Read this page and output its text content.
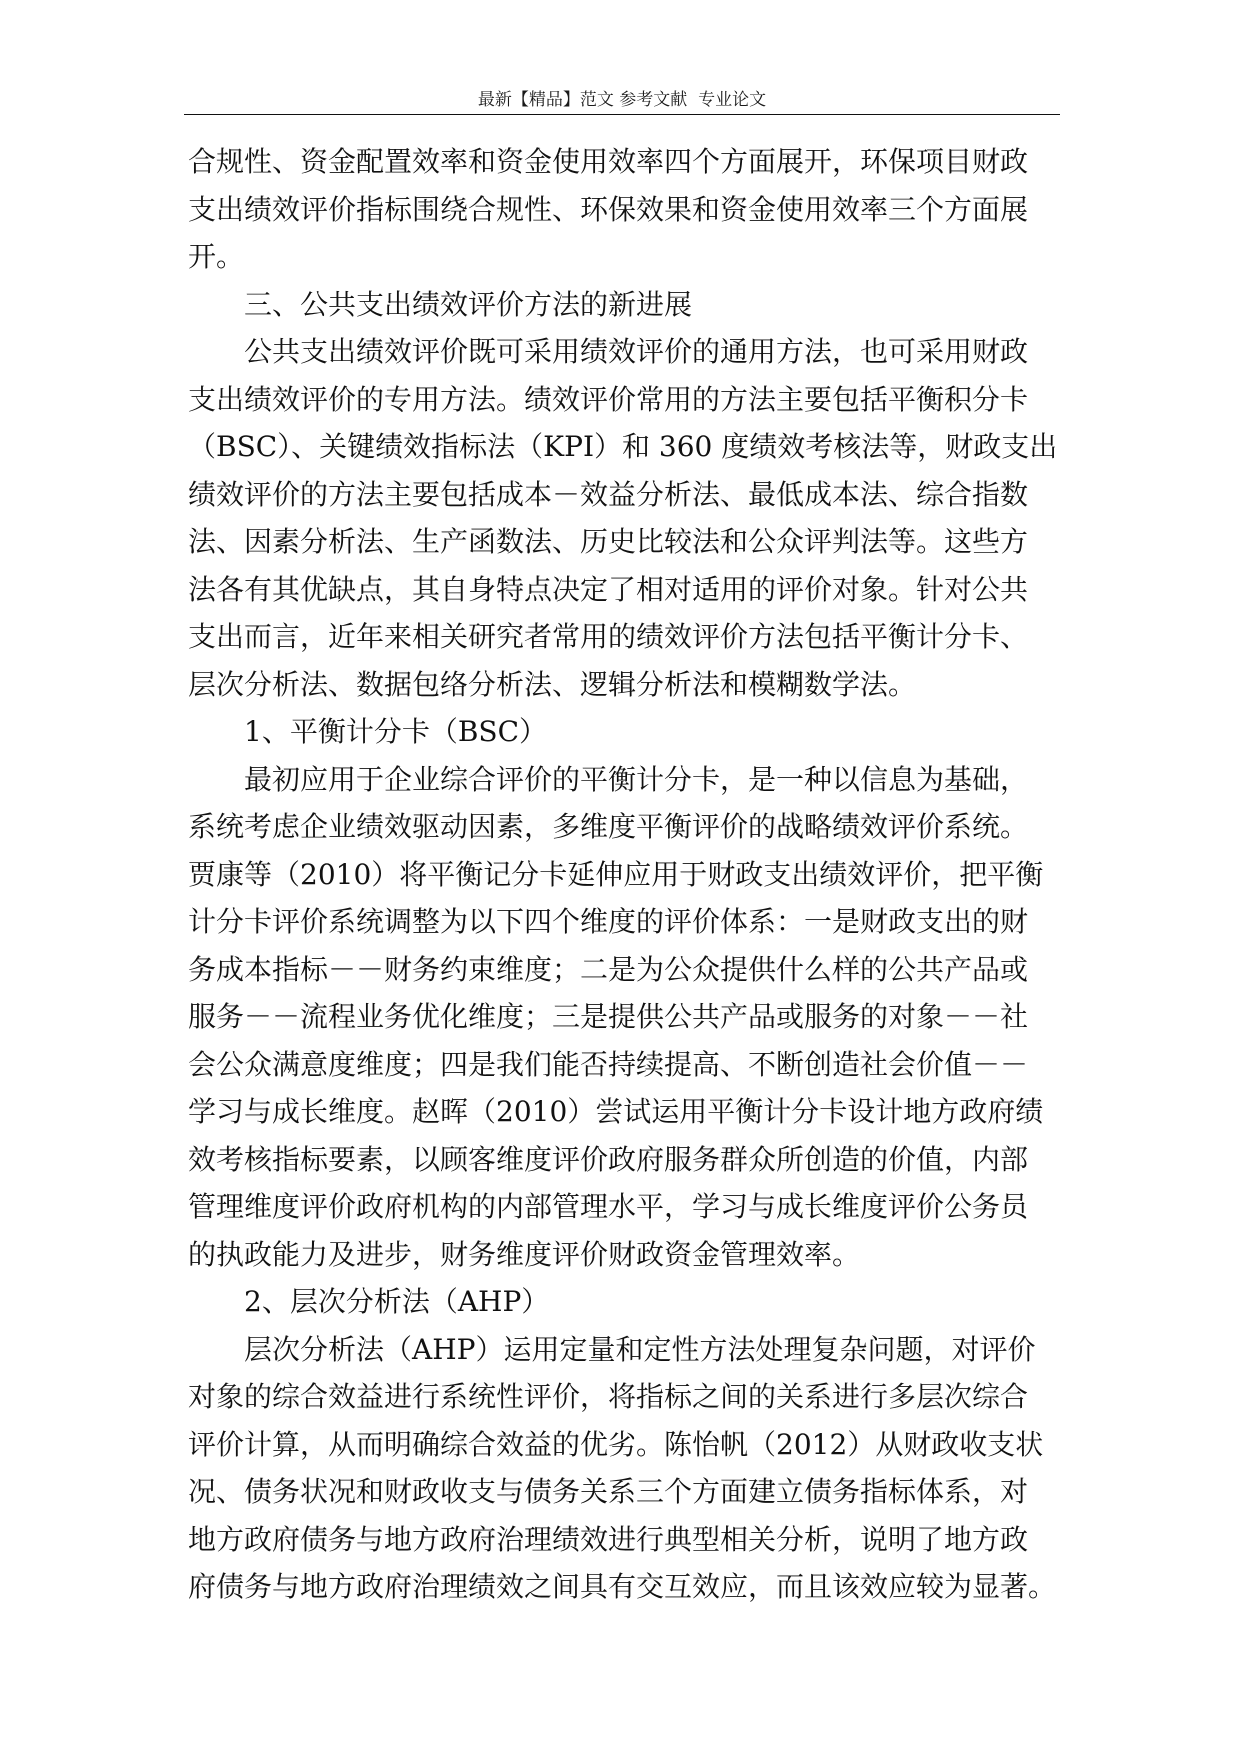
最新【精品】范文 参考文献  专业论文
合规性、资金配置效率和资金使用效率四个方面展开，环保项目财政
支出绩效评价指标围绕合规性、环保效果和资金使用效率三个方面展
开。
三、公共支出绩效评价方法的新进展
公共支出绩效评价既可采用绩效评价的通用方法，也可采用财政
支出绩效评价的专用方法。绩效评价常用的方法主要包括平衡积分卡
（BSC）、关键绩效指标法（KPI）和 360 度绩效考核法等，财政支出
绩效评价的方法主要包括成本－效益分析法、最低成本法、综合指数
法、因素分析法、生产函数法、历史比较法和公众评判法等。这些方
法各有其优缺点，其自身特点决定了相对适用的评价对象。针对公共
支出而言，近年来相关研究者常用的绩效评价方法包括平衡计分卡、
层次分析法、数据包络分析法、逻辑分析法和模糊数学法。
1、平衡计分卡（BSC）
最初应用于企业综合评价的平衡计分卡，是一种以信息为基础，
系统考虑企业绩效驱动因素，多维度平衡评价的战略绩效评价系统。
贾康等（2010）将平衡记分卡延伸应用于财政支出绩效评价，把平衡
计分卡评价系统调整为以下四个维度的评价体系：一是财政支出的财
务成本指标－－财务约束维度；二是为公众提供什么样的公共产品或
服务－－流程业务优化维度；三是提供公共产品或服务的对象－－社
会公众满意度维度；四是我们能否持续提高、不断创造社会价值－－
学习与成长维度。赵晖（2010）尝试运用平衡计分卡设计地方政府绩
效考核指标要素，以顾客维度评价政府服务群众所创造的价值，内部
管理维度评价政府机构的内部管理水平，学习与成长维度评价公务员
的执政能力及进步，财务维度评价财政资金管理效率。
2、层次分析法（AHP）
层次分析法（AHP）运用定量和定性方法处理复杂问题，对评价
对象的综合效益进行系统性评价，将指标之间的关系进行多层次综合
评价计算，从而明确综合效益的优劣。陈怡帆（2012）从财政收支状
况、债务状况和财政收支与债务关系三个方面建立债务指标体系，对
地方政府债务与地方政府治理绩效进行典型相关分析，说明了地方政
府债务与地方政府治理绩效之间具有交互效应，而且该效应较为显著。
